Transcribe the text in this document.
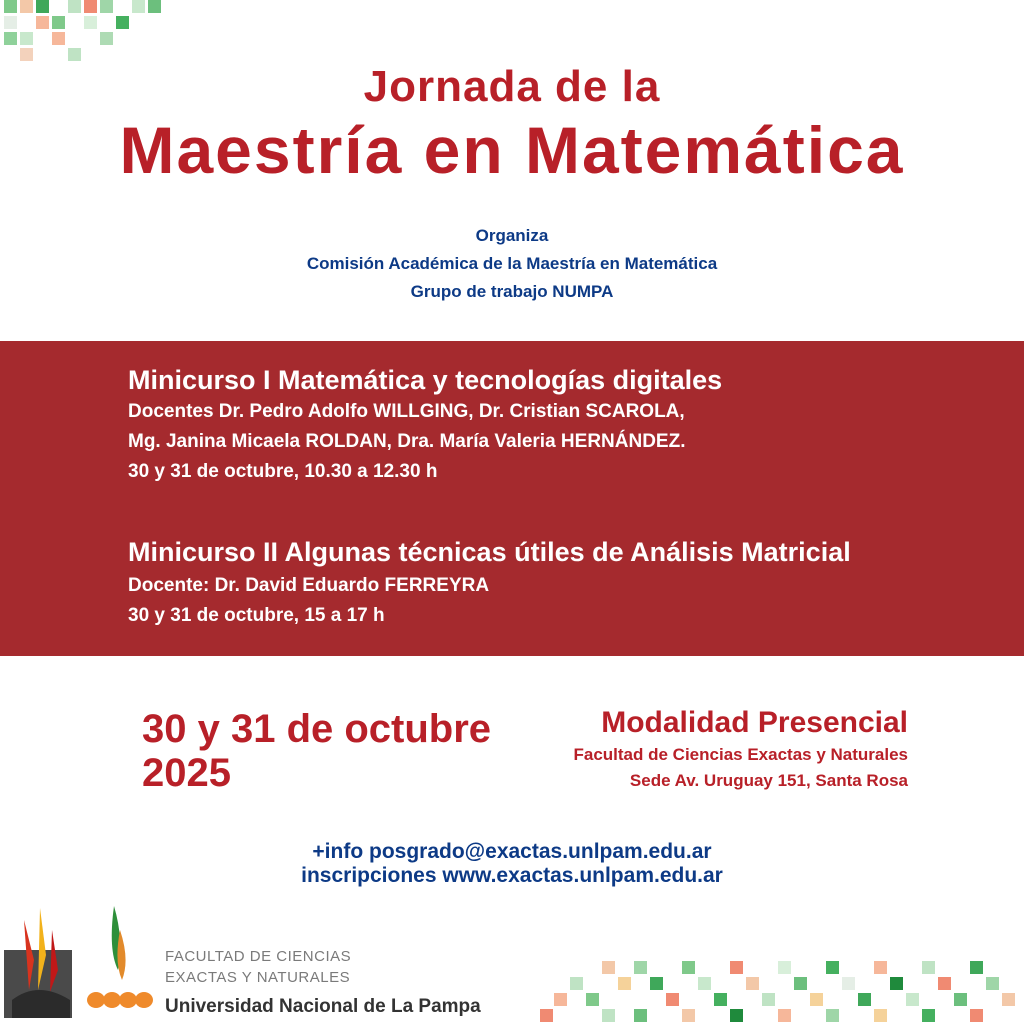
Jornada de la
Maestría en Matemática
Organiza
Comisión Académica de la Maestría en Matemática
Grupo de trabajo NUMPA
Minicurso I Matemática y tecnologías digitales
Docentes Dr. Pedro Adolfo WILLGING, Dr. Cristian SCAROLA,
Mg. Janina Micaela ROLDAN, Dra. María Valeria HERNÁNDEZ.
30 y 31 de octubre, 10.30 a 12.30 h
Minicurso II Algunas técnicas útiles de Análisis Matricial
Docente: Dr. David Eduardo FERREYRA
30 y 31 de octubre, 15 a 17 h
30 y 31 de octubre
2025
Modalidad Presencial
Facultad de Ciencias Exactas y Naturales
Sede Av. Uruguay 151, Santa Rosa
+info posgrado@exactas.unlpam.edu.ar
inscripciones www.exactas.unlpam.edu.ar
FACULTAD DE CIENCIAS
EXACTAS Y NATURALES
Universidad Nacional de La Pampa
